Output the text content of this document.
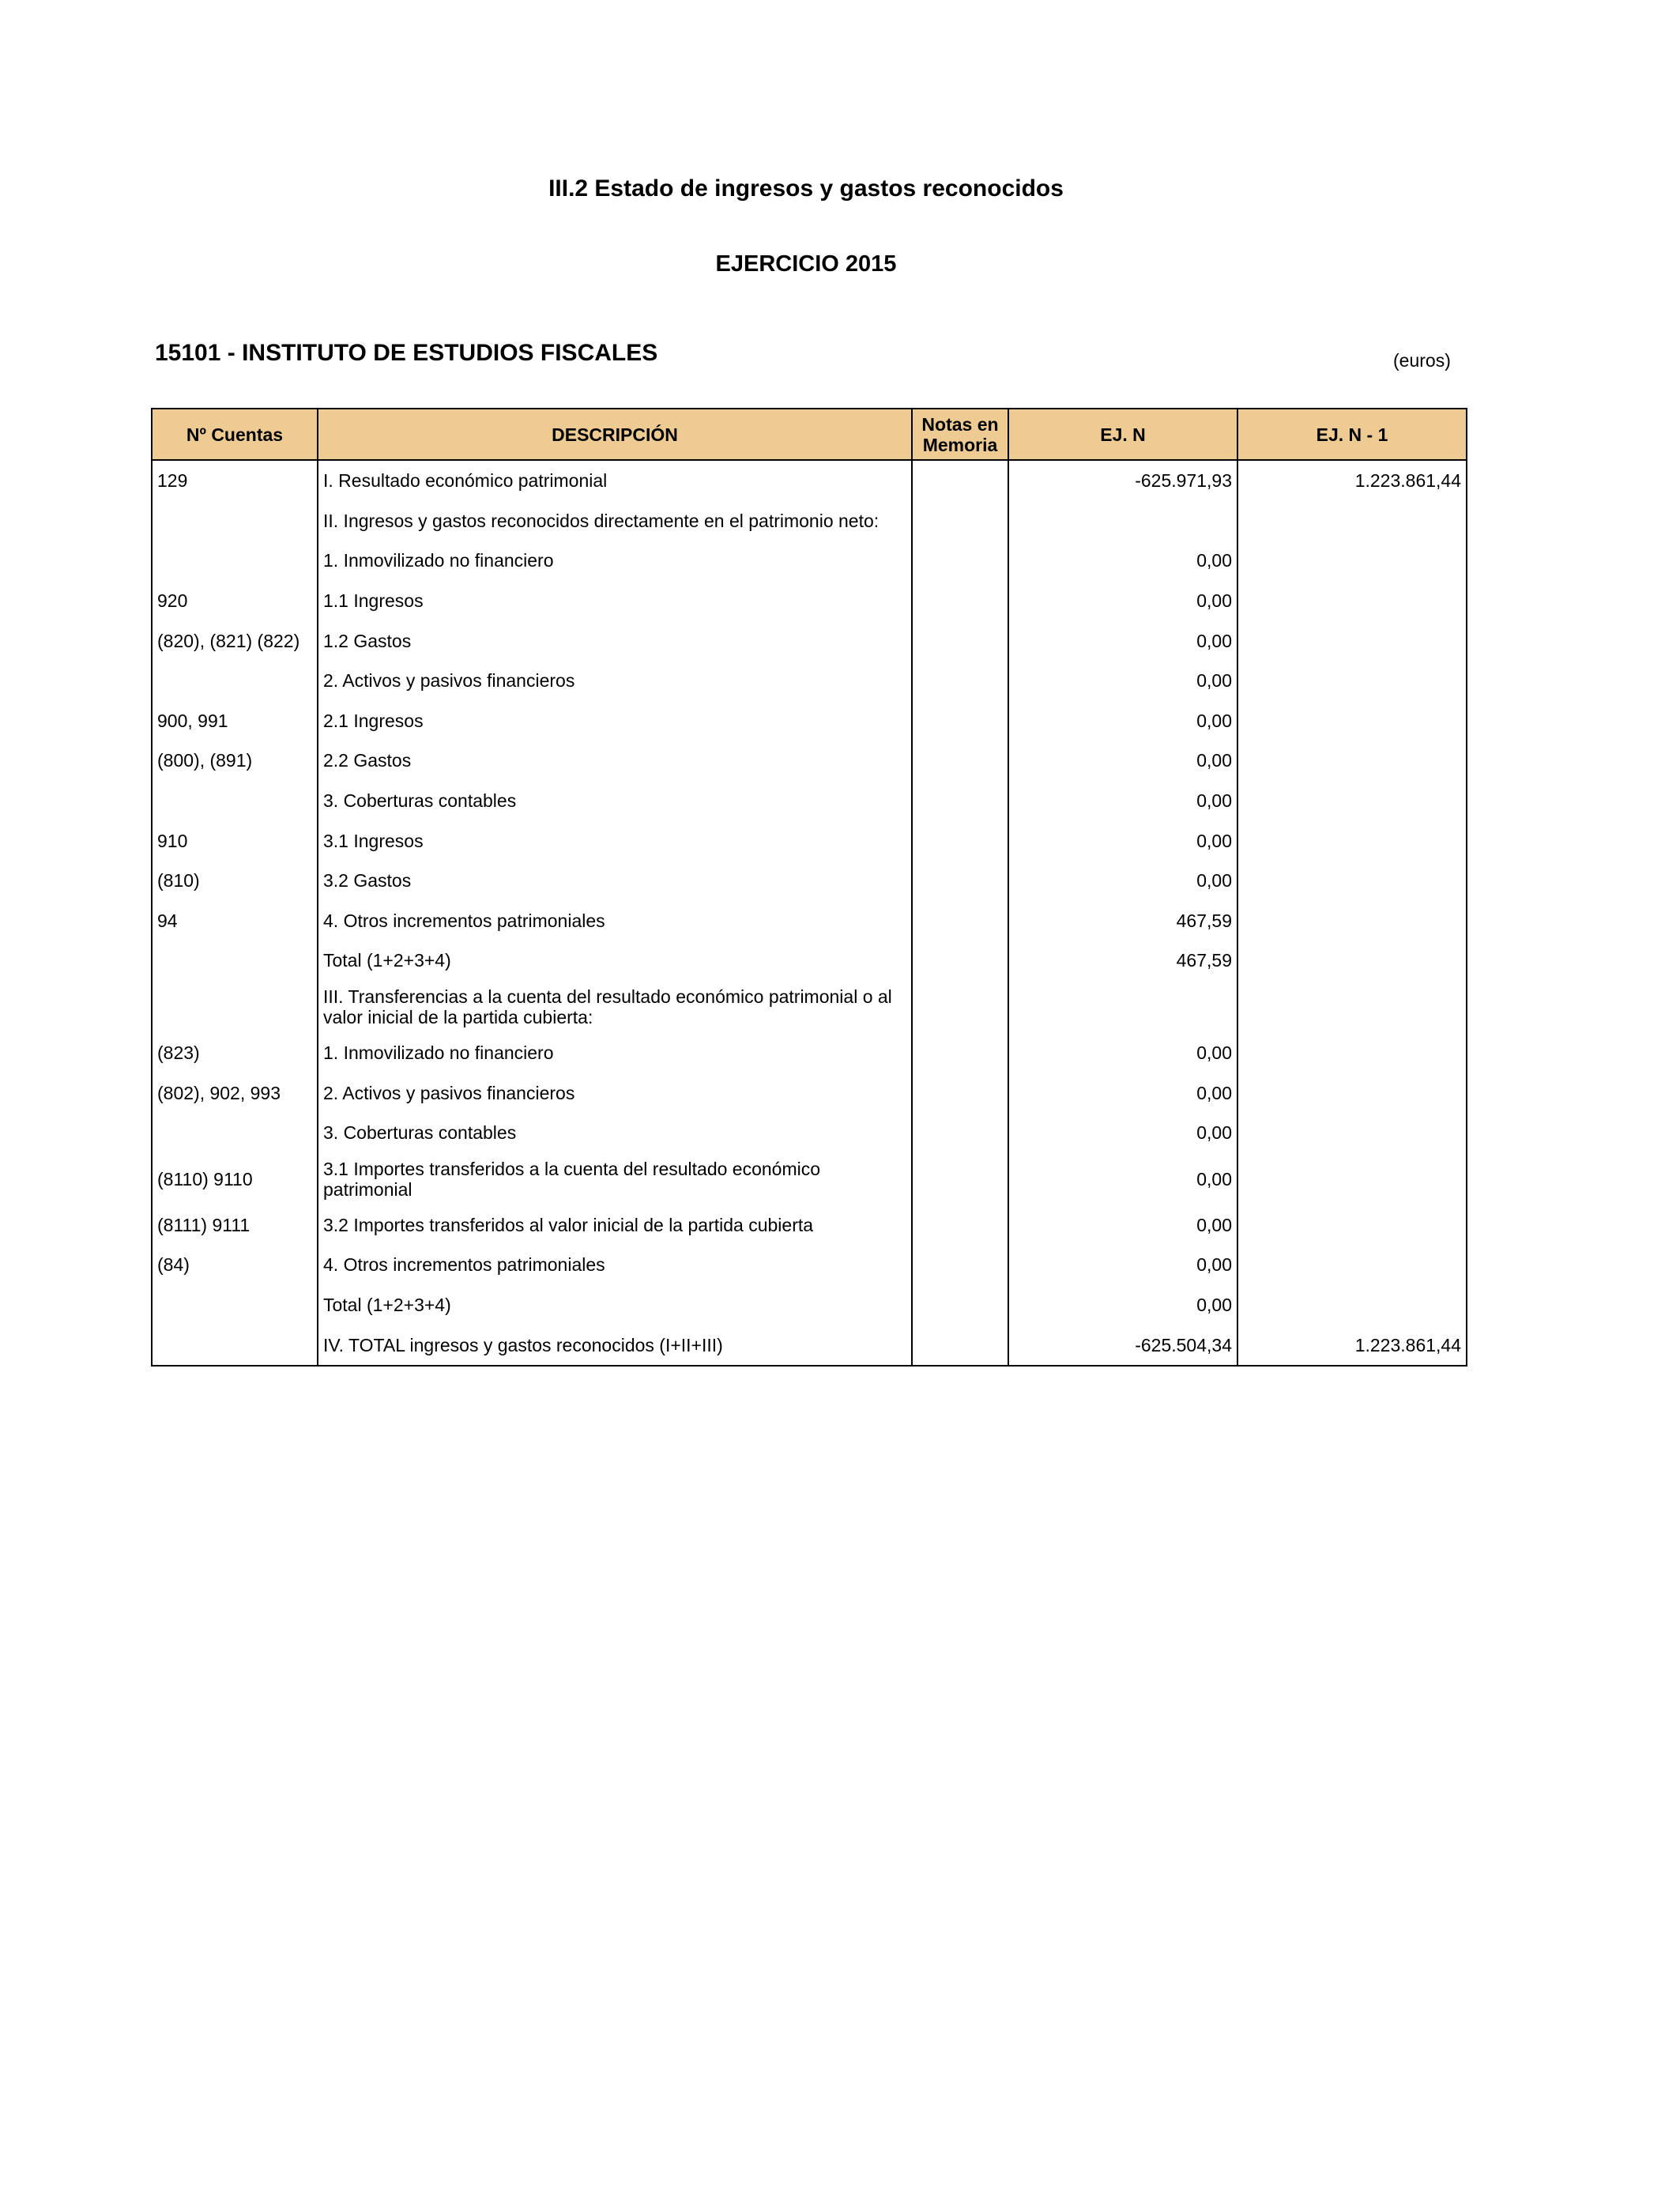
III.2 Estado de ingresos y gastos reconocidos
EJERCICIO 2015
15101 - INSTITUTO DE ESTUDIOS FISCALES	(euros)
Nº Cuentas	DESCRIPCIÓN	Notas en Memoria	EJ. N	EJ. N - 1
129	I. Resultado económico patrimonial		-625.971,93	1.223.861,44
	II. Ingresos y gastos reconocidos directamente en el patrimonio neto:			
	1. Inmovilizado no financiero		0,00	
920	1.1 Ingresos		0,00	
(820), (821) (822)	1.2 Gastos		0,00	
	2. Activos y pasivos financieros		0,00	
900, 991	2.1 Ingresos		0,00	
(800), (891)	2.2 Gastos		0,00	
	3. Coberturas contables		0,00	
910	3.1 Ingresos		0,00	
(810)	3.2 Gastos		0,00	
94	4. Otros incrementos patrimoniales		467,59	
	Total (1+2+3+4)		467,59	
	III. Transferencias a la cuenta del resultado económico patrimonial o al valor inicial de la partida cubierta:			
(823)	1. Inmovilizado no financiero		0,00	
(802), 902, 993	2. Activos y pasivos financieros		0,00	
	3. Coberturas contables		0,00	
(8110) 9110	3.1 Importes transferidos a la cuenta del resultado económico patrimonial		0,00	
(8111) 9111	3.2 Importes transferidos al valor inicial de la partida cubierta		0,00	
(84)	4. Otros incrementos patrimoniales		0,00	
	Total (1+2+3+4)		0,00	
	IV. TOTAL ingresos y gastos reconocidos (I+II+III)		-625.504,34	1.223.861,44
